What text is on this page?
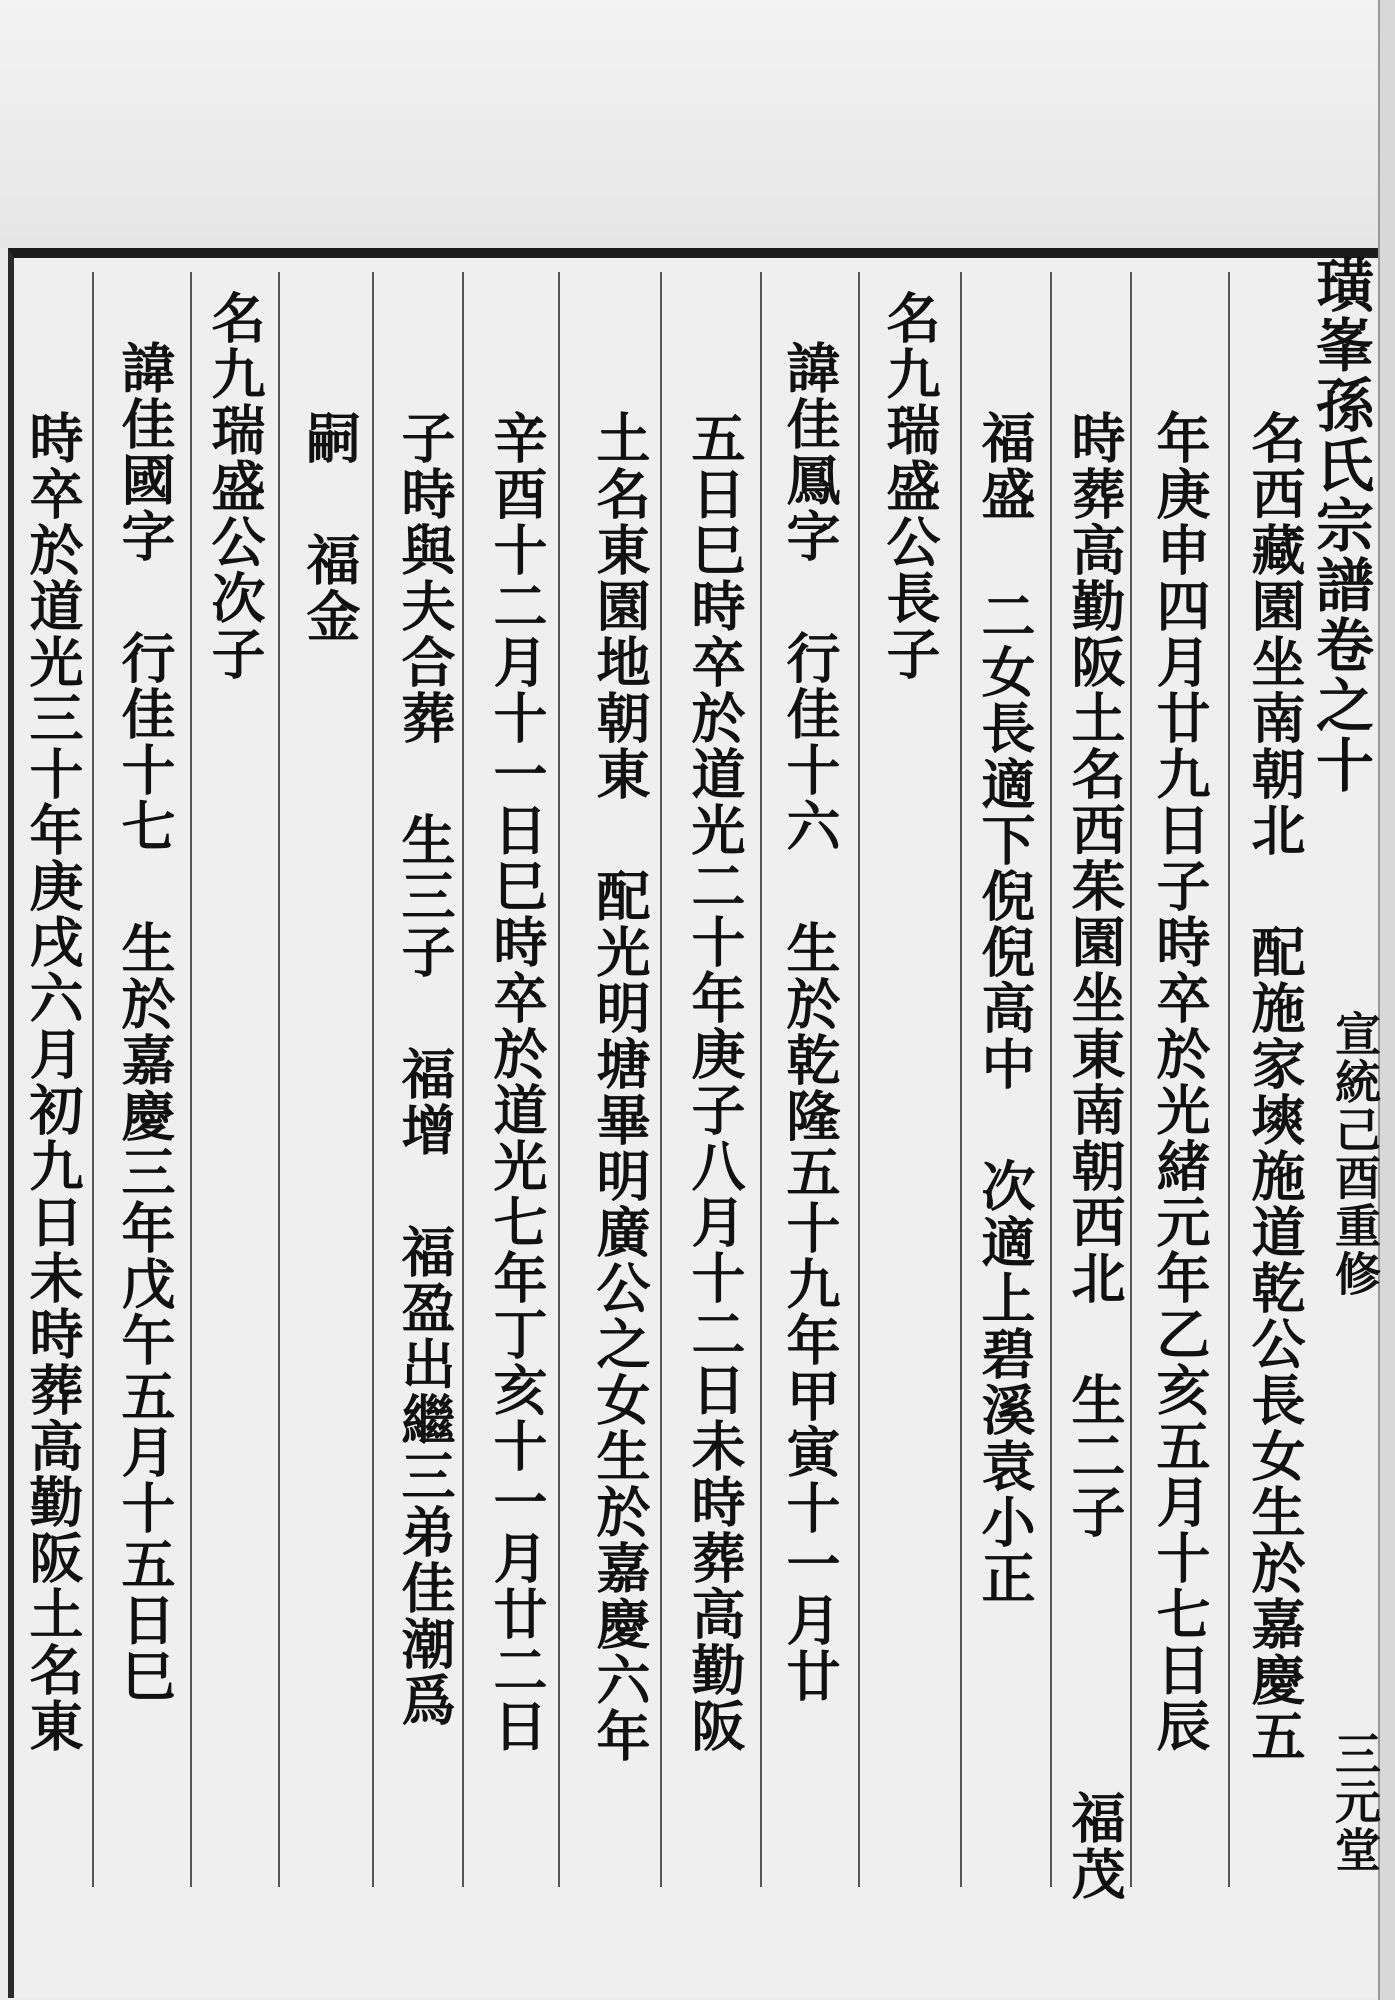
璜峯孫氏宗譜卷之十
宣統己酉重修
三元堂
名西藏園坐南朝北 配施家塽施道乾公長女生於嘉慶五
年庚申四月廿九日子時卒於光緒元年乙亥五月十七日辰
時葬高勤阪土名西茱園坐東南朝西北 生二子
福茂
福盛 二女長適下倪倪高中 次適上碧溪袁小正
名九瑞盛公長子
諱佳鳳字 行佳十六 生於乾隆五十九年甲寅十一月廿
五日巳時卒於道光二十年庚子八月十二日未時葬高勤阪
土名東園地朝東 配光明塘畢明廣公之女生於嘉慶六年
辛酉十二月十一日巳時卒於道光七年丁亥十一月廿二日
子時與夫合葬 生三子 福增 福盈出繼三弟佳潮爲
嗣 福金
名九瑞盛公次子
諱佳國字 行佳十七 生於嘉慶三年戊午五月十五日巳
時卒於道光三十年庚戌六月初九日未時葬高勤阪土名東
